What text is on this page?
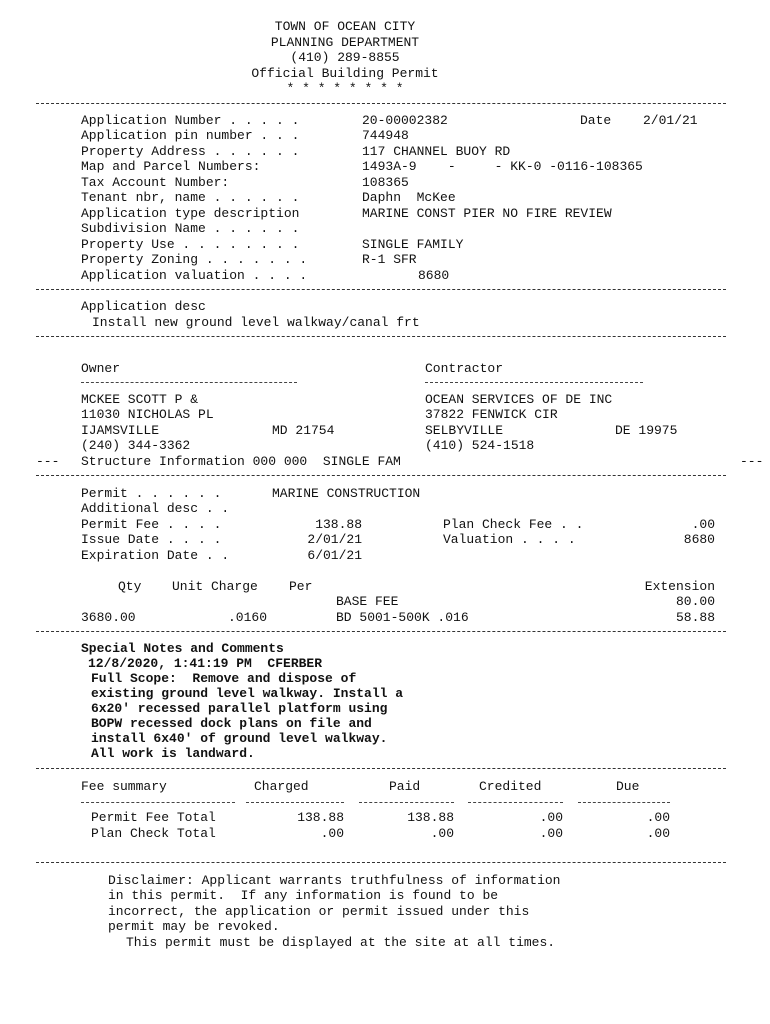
TOWN OF OCEAN CITY
PLANNING DEPARTMENT
(410) 289-8855
Official Building Permit
* * * * * * * *
Application Number . . . . .	20-00002382	Date 2/01/21
Application pin number . . .	744948
Property Address . . . . . .	117 CHANNEL BUOY RD
Map and Parcel Numbers:	1493A-9    -     - KK-0 -0116-108365
Tax Account Number:	108365
Tenant nbr, name . . . . . .	Daphn  McKee
Application type description	MARINE CONST PIER NO FIRE REVIEW
Subdivision Name . . . . . .
Property Use . . . . . . . .	SINGLE FAMILY
Property Zoning . . . . . . .	R-1 SFR
Application valuation . . . .	8680
Application desc
Install new ground level walkway/canal frt
Owner
MCKEE SCOTT P &
11030 NICHOLAS PL
IJAMSVILLE	MD 21754
(240) 344-3362
Contractor
OCEAN SERVICES OF DE INC
37822 FENWICK CIR
SELBYVILLE	DE 19975
(410) 524-1518
--- Structure Information 000 000  SINGLE FAM	---
Permit . . . . . .	MARINE CONSTRUCTION
Additional desc . .
Permit Fee . . . .	138.88	Plan Check Fee . .	.00
Issue Date . . . .	2/01/21	Valuation . . . .	8680
Expiration Date . .	6/01/21
Qty Unit Charge Per	Extension
BASE FEE	80.00
3680.00	.0160	BD 5001-500K .016	58.88
Special Notes and Comments
12/8/2020, 1:41:19 PM  CFERBER
Full Scope:  Remove and dispose of
existing ground level walkway. Install a
6x20' recessed parallel platform using
BOPW recessed dock plans on file and
install 6x40' of ground level walkway.
All work is landward.
Fee summary	Charged	Paid	Credited	Due
Permit Fee Total	138.88	138.88	.00	.00
Plan Check Total	.00	.00	.00	.00
Disclaimer: Applicant warrants truthfulness of information
in this permit.  If any information is found to be
incorrect, the application or permit issued under this
permit may be revoked.
This permit must be displayed at the site at all times.
